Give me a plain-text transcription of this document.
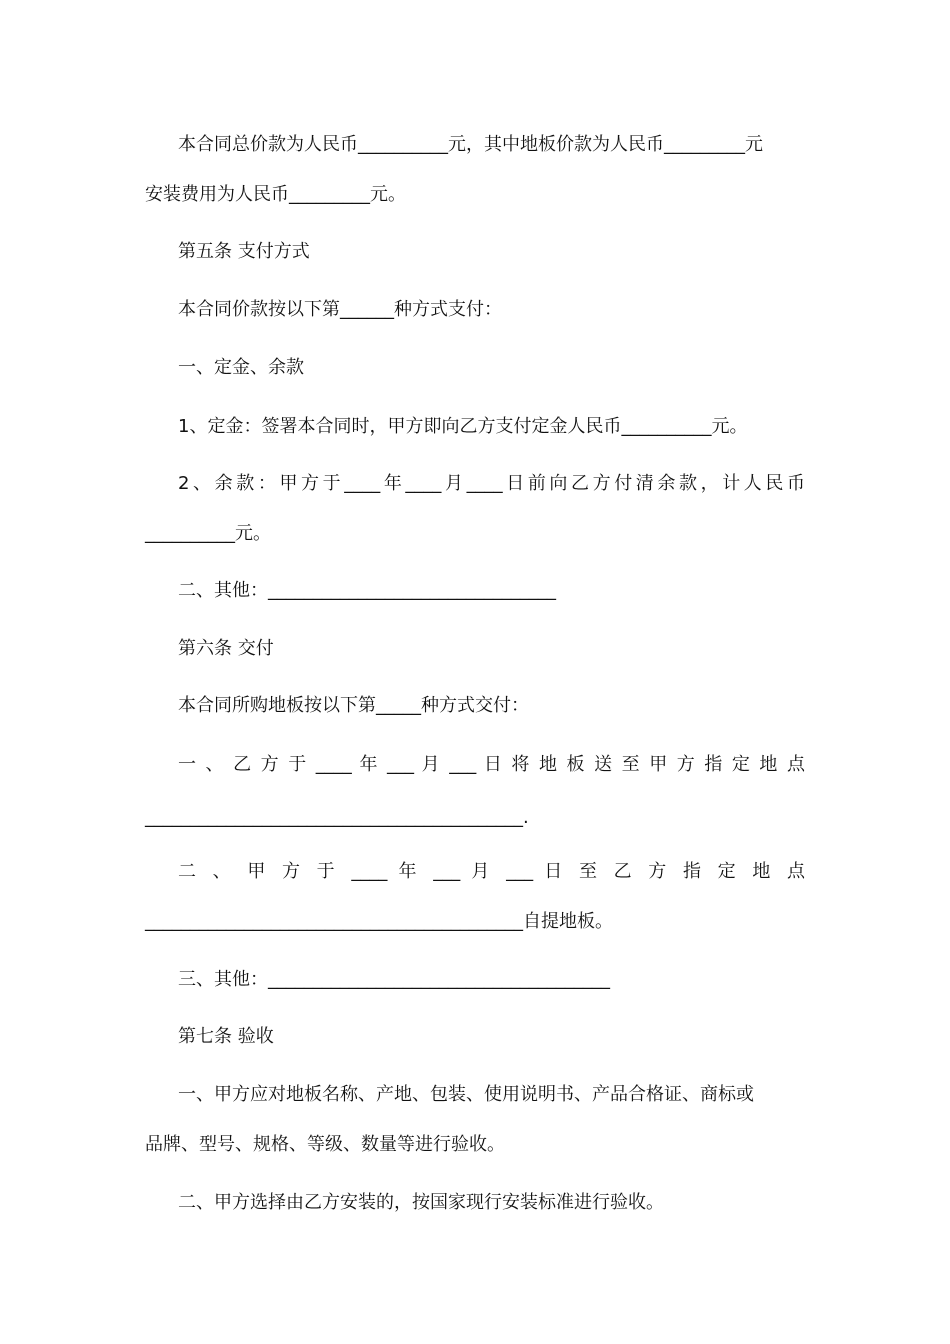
本合同总价款为人民币__________元，其中地板价款为人民币_________元
安装费用为人民币_________元。
第五条 支付方式
本合同价款按以下第______种方式支付：
一、定金、余款
1、定金：签署本合同时，甲方即向乙方支付定金人民币__________元。
2、余款：甲方于____年____月____日前向乙方付清余款，计人民币
__________元。
二、其他：________________________________
第六条 交付
本合同所购地板按以下第_____种方式交付：
一 、 乙 方 于 ____ 年 ___ 月 ___ 日 将 地 板 送 至 甲 方 指 定 地 点
__________________________________________.
二 、 甲 方 于 ____ 年 ___ 月 ___ 日 至 乙 方 指 定 地 点
__________________________________________自提地板。
三、其他：______________________________________
第七条 验收
一、甲方应对地板名称、产地、包装、使用说明书、产品合格证、商标或
品牌、型号、规格、等级、数量等进行验收。
二、甲方选择由乙方安装的，按国家现行安装标准进行验收。
